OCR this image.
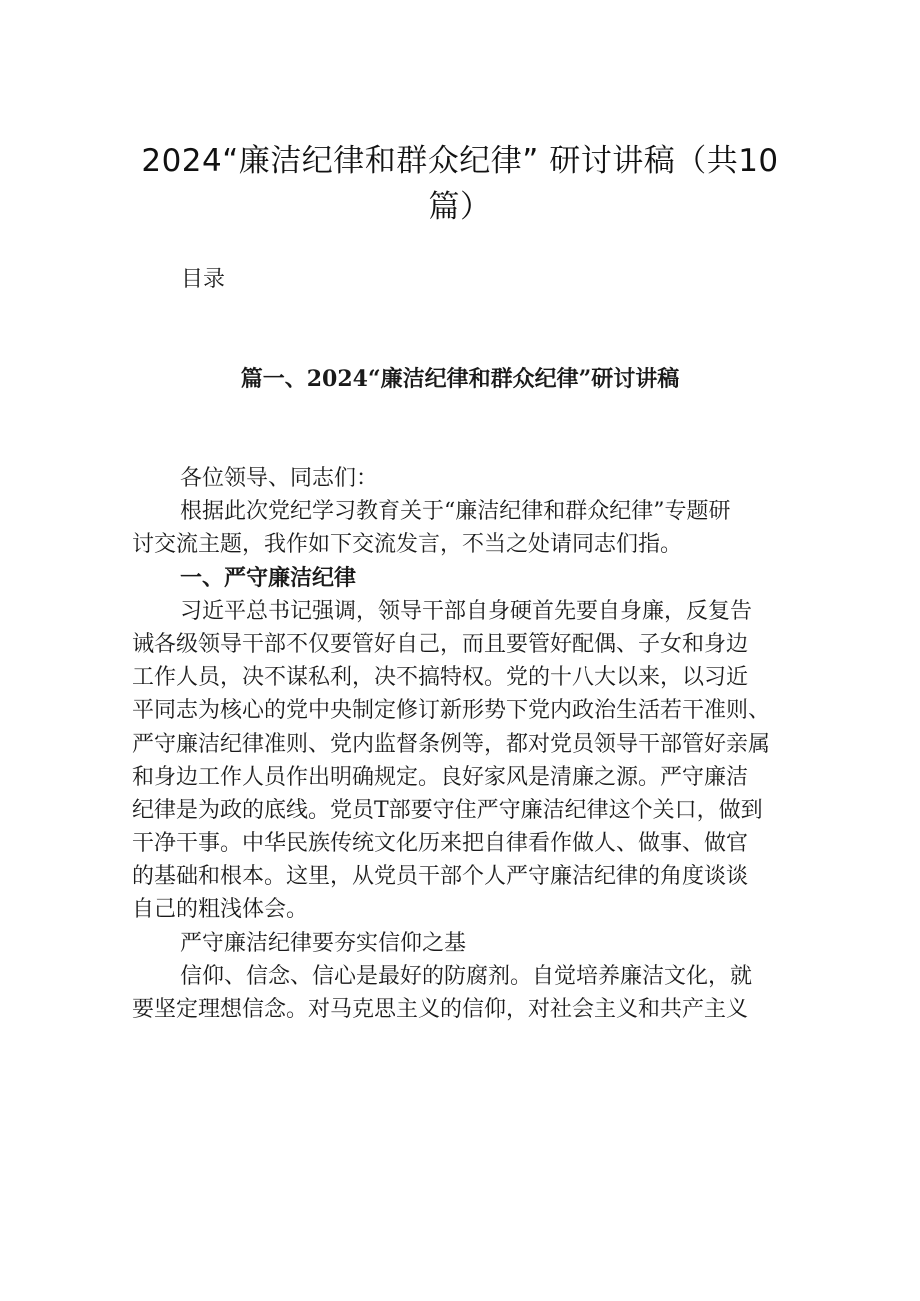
2024“廉洁纪律和群众纪律” 研讨讲稿（共10
篇）
目录
篇一、2024“廉洁纪律和群众纪律”研讨讲稿
各位领导、同志们：
根据此次党纪学习教育关于“廉洁纪律和群众纪律”专题研
讨交流主题，我作如下交流发言，不当之处请同志们指。
一、严守廉洁纪律
习近平总书记强调，领导干部自身硬首先要自身廉，反复告
诫各级领导干部不仅要管好自己，而且要管好配偶、子女和身边
工作人员，决不谋私利，决不搞特权。党的十八大以来，以习近
平同志为核心的党中央制定修订新形势下党内政治生活若干准则、
严守廉洁纪律准则、党内监督条例等，都对党员领导干部管好亲属
和身边工作人员作出明确规定。良好家风是清廉之源。严守廉洁
纪律是为政的底线。党员T部要守住严守廉洁纪律这个关口，做到
干净干事。中华民族传统文化历来把自律看作做人、做事、做官
的基础和根本。这里，从党员干部个人严守廉洁纪律的角度谈谈
自己的粗浅体会。
严守廉洁纪律要夯实信仰之基
信仰、信念、信心是最好的防腐剂。自觉培养廉洁文化，就
要坚定理想信念。对马克思主义的信仰，对社会主义和共产主义
